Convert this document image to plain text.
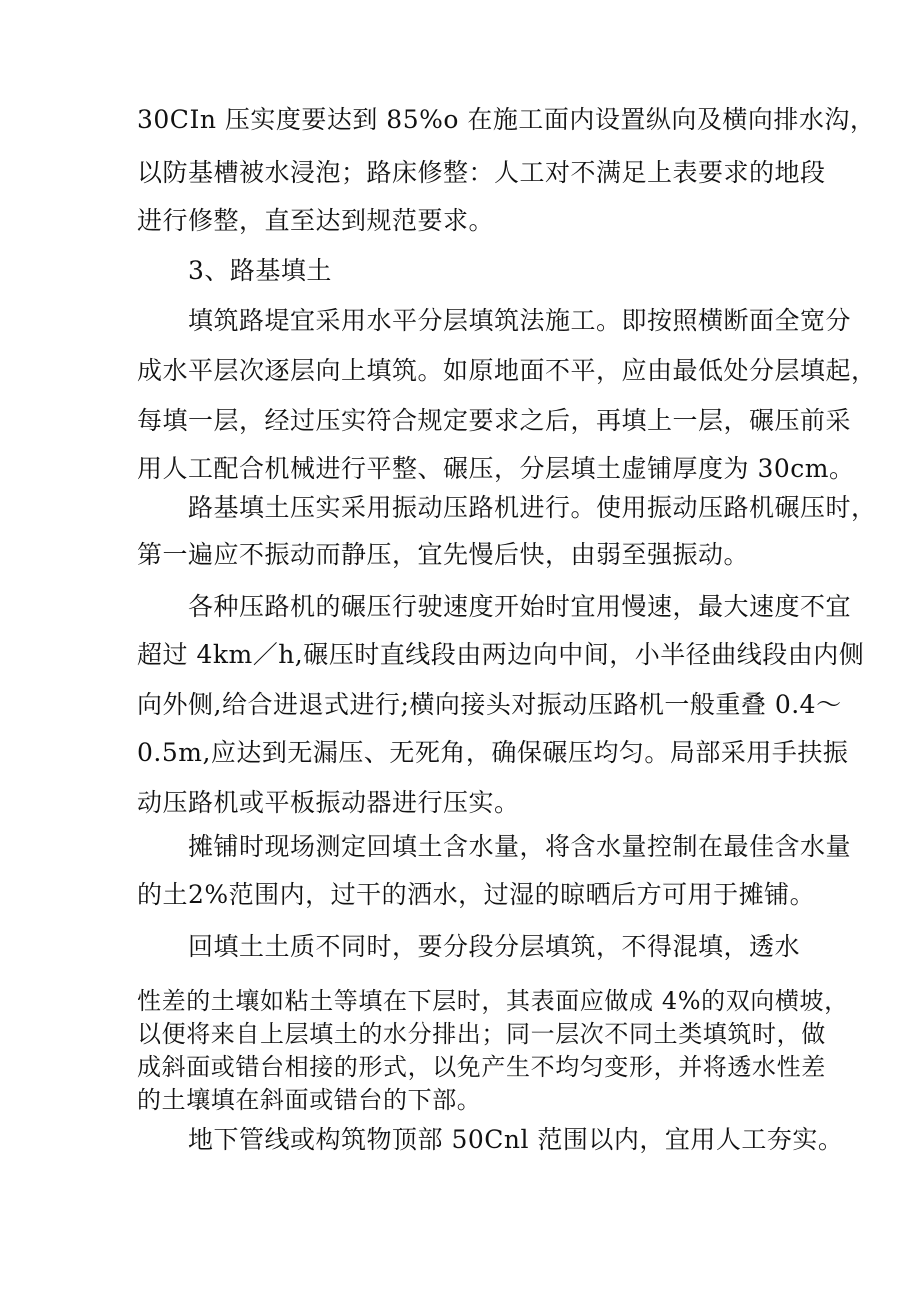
30CIn 压实度要达到 85%o 在施工面内设置纵向及横向排水沟，
以防基槽被水浸泡；路床修整：人工对不满足上表要求的地段
进行修整，直至达到规范要求。
3、路基填土
填筑路堤宜采用水平分层填筑法施工。即按照横断面全宽分
成水平层次逐层向上填筑。如原地面不平，应由最低处分层填起，
每填一层，经过压实符合规定要求之后，再填上一层，碾压前采
用人工配合机械进行平整、碾压，分层填土虚铺厚度为 30cm。
路基填土压实采用振动压路机进行。使用振动压路机碾压时，
第一遍应不振动而静压，宜先慢后快，由弱至强振动。
各种压路机的碾压行驶速度开始时宜用慢速，最大速度不宜
超过 4km／h,碾压时直线段由两边向中间，小半径曲线段由内侧
向外侧,给合进退式进行;横向接头对振动压路机一般重叠 0.4〜
0.5m,应达到无漏压、无死角，确保碾压均匀。局部采用手扶振
动压路机或平板振动器进行压实。
摊铺时现场测定回填土含水量，将含水量控制在最佳含水量
的土2%范围内，过干的洒水，过湿的晾晒后方可用于摊铺。
回填土土质不同时，要分段分层填筑，不得混填，透水
性差的土壤如粘土等填在下层时，其表面应做成 4%的双向横坡，
以便将来自上层填土的水分排出；同一层次不同土类填筑时，做
成斜面或错台相接的形式，以免产生不均匀变形，并将透水性差
的土壤填在斜面或错台的下部。
地下管线或构筑物顶部 50Cnl 范围以内，宜用人工夯实。
